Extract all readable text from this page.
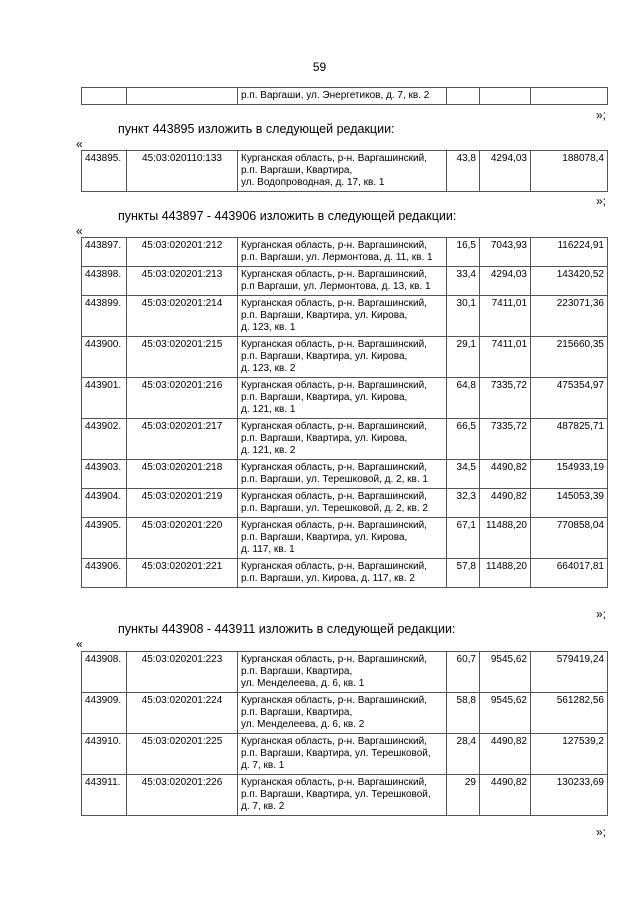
59
		р.п. Варгаши, ул. Энергетиков, д. 7, кв. 2			
»;
пункт 443895 изложить в следующей редакции:
«
443895.	45:03:020110:133	Курганская область, р-н. Варгашинский,
р.п. Варгаши, Квартира,
ул. Водопроводная, д. 17, кв. 1
	43,8	4294,03	188078,4
»;
пункты 443897 - 443906 изложить в следующей редакции:
«
443897.	45:03:020201:212	Курганская область, р-н. Варгашинский,
р.п. Варгаши, ул. Лермонтова, д. 11, кв. 1	16,5	7043,93	116224,91
443898.	45:03:020201:213	Курганская область, р-н. Варгашинский,
р.п Варгаши, ул. Лермонтова, д. 13, кв. 1	33,4	4294,03	143420,52
443899.	45:03:020201:214	Курганская область, р-н. Варгашинский,
р.п. Варгаши, Квартира, ул. Кирова,
д. 123, кв. 1	30,1	7411,01	223071,36
443900.	45:03:020201:215	Курганская область, р-н. Варгашинский,
р.п. Варгаши, Квартира, ул. Кирова,
д. 123, кв. 2	29,1	7411,01	215660,35
443901.	45:03:020201:216	Курганская область, р-н. Варгашинский,
р.п. Варгаши, Квартира, ул. Кирова,
д. 121, кв. 1	64,8	7335,72	475354,97
443902.	45:03:020201:217	Курганская область, р-н. Варгашинский,
р.п. Варгаши, Квартира, ул. Кирова,
д. 121, кв. 2	66,5	7335,72	487825,71
443903.	45:03:020201:218	Курганская область, р-н. Варгашинский,
р.п. Варгаши, ул. Терешковой, д. 2, кв. 1	34,5	4490,82	154933,19
443904.	45:03:020201:219	Курганская область, р-н. Варгашинский,
р.п. Варгаши, ул. Терешковой, д. 2, кв. 2	32,3	4490,82	145053,39
443905.	45:03:020201:220	Курганская область, р-н. Варгашинский,
р.п. Варгаши, Квартира, ул. Кирова,
д. 117, кв. 1	67,1	11488,20	770858,04
443906.	45:03:020201:221	Курганская область, р-н. Варгашинский,
р.п. Варгаши, ул. Кирова, д. 117, кв. 2	57,8	11488,20	664017,81
»;
пункты 443908 - 443911 изложить в следующей редакции:
«
443908.	45:03:020201:223	Курганская область, р-н. Варгашинский,
р.п. Варгаши, Квартира,
ул. Менделеева, д. 6, кв. 1	60,7	9545,62	579419,24
443909.	45:03:020201:224	Курганская область, р-н. Варгашинский,
р.п. Варгаши, Квартира,
ул. Менделеева, д. 6, кв. 2	58,8	9545,62	561282,56
443910.	45:03:020201:225	Курганская область, р-н. Варгашинский,
р.п. Варгаши, Квартира, ул. Терешковой,
д. 7, кв. 1	28,4	4490,82	127539,2
443911.	45:03:020201:226	Курганская область, р-н. Варгашинский,
р.п. Варгаши, Квартира, ул. Терешковой,
д. 7, кв. 2	29	4490,82	130233,69
»;
